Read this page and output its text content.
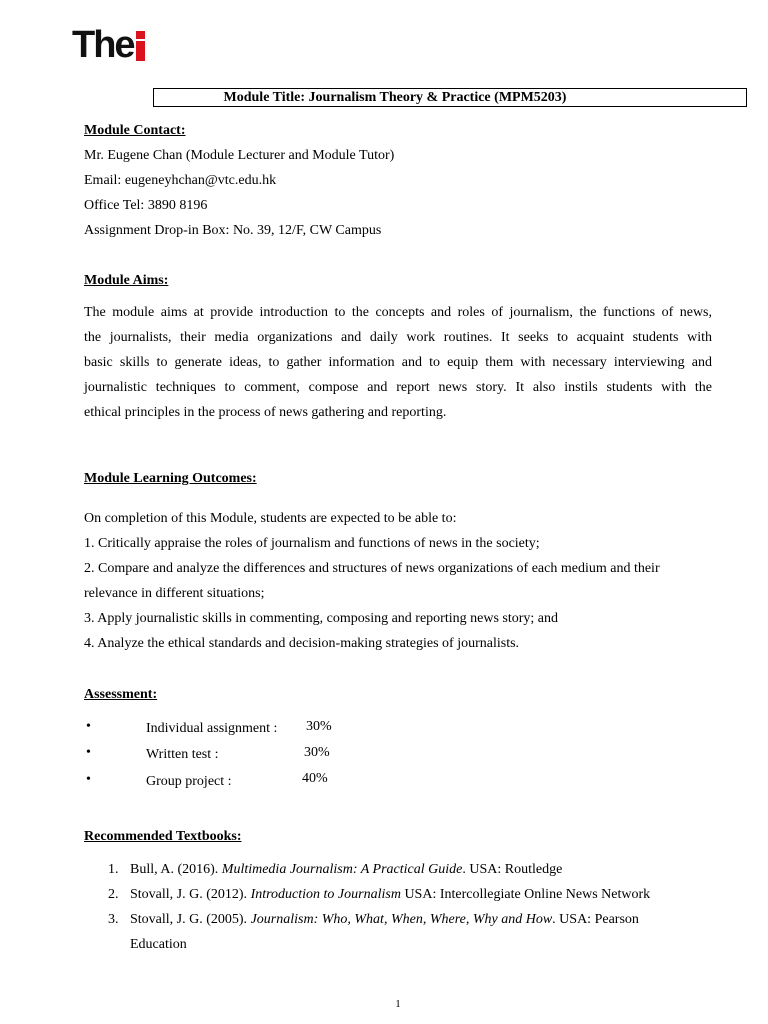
The
Module Title: Journalism Theory & Practice (MPM5203)
Module Contact:
Mr. Eugene Chan (Module Lecturer and Module Tutor)
Email: eugeneyhchan@vtc.edu.hk
Office Tel: 3890 8196
Assignment Drop-in Box: No. 39, 12/F, CW Campus
Module Aims:

The module aims at provide introduction to the concepts and roles of journalism, the functions of news,

the journalists, their media organizations and daily work routines. It seeks to acquaint students with

basic skills to generate ideas, to gather information and to equip them with necessary interviewing and

journalistic techniques to comment, compose and report news story. It also instils students with the

ethical principles in the process of news gathering and reporting.

Module Learning Outcomes:
On completion of this Module, students are expected to be able to:
1. Critically appraise the roles of journalism and functions of news in the society;
2. Compare and analyze the differences and structures of news organizations of each medium and their
relevance in different situations;
3. Apply journalistic skills in commenting, composing and reporting news story; and
4. Analyze the ethical standards and decision-making strategies of journalists.
Assessment:
•	Individual assignment : 30%
•	Written test :	30%
•	Group project :	40%
Recommended Textbooks:
1. Bull, A. (2016). Multimedia Journalism: A Practical Guide. USA: Routledge
2. Stovall, J. G. (2012). Introduction to Journalism USA: Intercollegiate Online News Network
3. Stovall, J. G. (2005). Journalism: Who, What, When, Where, Why and How. USA: Pearson
Education
1
